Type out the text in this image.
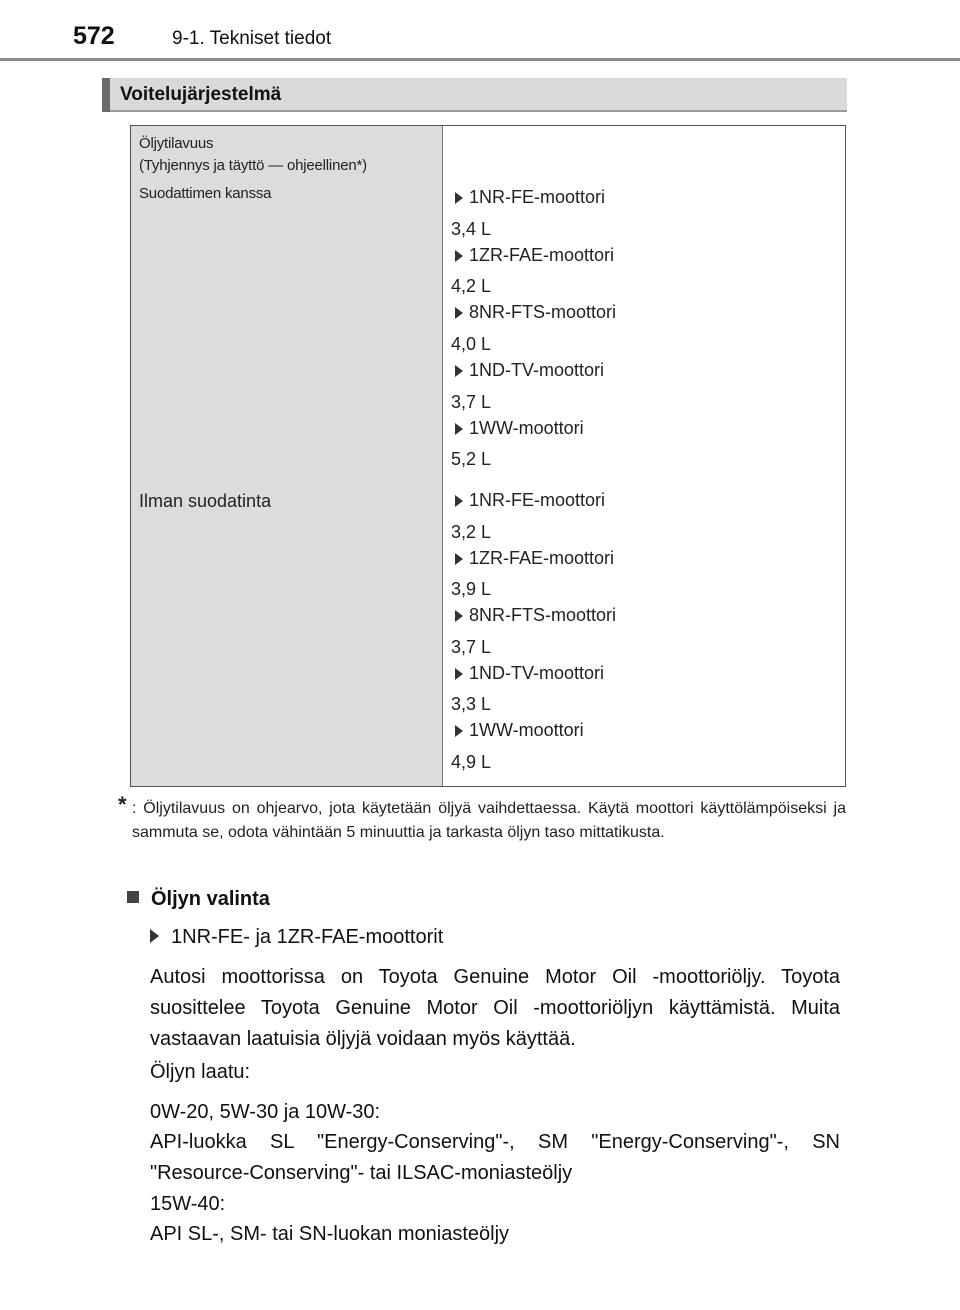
572	9-1. Tekniset tiedot
Voitelujärjestelmä
Öljytilavuus
(Tyhjennys ja täyttö — ohjeellinen*)
Suodattimen kanssa
Ilman suodatinta
1NR-FE-moottori
3,4 L
1ZR-FAE-moottori
4,2 L
8NR-FTS-moottori
4,0 L
1ND-TV-moottori
3,7 L
1WW-moottori
5,2 L
1NR-FE-moottori
3,2 L
1ZR-FAE-moottori
3,9 L
8NR-FTS-moottori
3,7 L
1ND-TV-moottori
3,3 L
1WW-moottori
4,9 L
* : Öljytilavuus on ohjearvo, jota käytetään öljyä vaihdettaessa. Käytä moottori käyttölämpöiseksi ja sammuta se, odota vähintään 5 minuuttia ja tarkasta öljyn taso mittatikusta.
Öljyn valinta
1NR-FE- ja 1ZR-FAE-moottorit
Autosi moottorissa on Toyota Genuine Motor Oil -moottoriöljy. Toyota suosittelee Toyota Genuine Motor Oil -moottoriöljyn käyttämistä. Muita vastaavan laatuisia öljyjä voidaan myös käyttää.
Öljyn laatu:
0W-20, 5W-30 ja 10W-30:
API-luokka SL "Energy-Conserving"-, SM "Energy-Conserving"-, SN "Resource-Conserving"- tai ILSAC-moniasteöljy
15W-40:
API SL-, SM- tai SN-luokan moniasteöljy
